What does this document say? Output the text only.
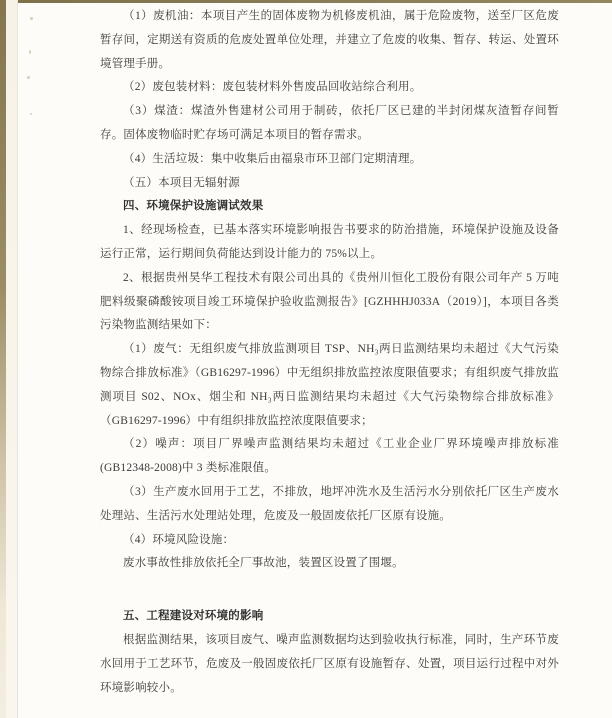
（1）废机油：本项目产生的固体废物为机修废机油，属于危险废物，送至厂区危废暂存间，定期送有资质的危废处置单位处理，并建立了危废的收集、暂存、转运、处置环境管理手册。

（2）废包装材料：废包装材料外售废品回收站综合利用。

（3）煤渣：煤渣外售建材公司用于制砖，依托厂区已建的半封闭煤灰渣暂存间暂存。固体废物临时贮存场可满足本项目的暂存需求。

（4）生活垃圾：集中收集后由福泉市环卫部门定期清理。

（五）本项目无辐射源

四、环境保护设施调试效果

1、经现场检查，已基本落实环境影响报告书要求的防治措施，环境保护设施及设备运行正常，运行期间负荷能达到设计能力的 75%以上。

2、根据贵州昊华工程技术有限公司出具的《贵州川恒化工股份有限公司年产 5 万吨肥料级聚磷酸铵项目竣工环境保护验收监测报告》[GZHHHJ033A（2019）]，本项目各类污染物监测结果如下：

（1）废气：无组织废气排放监测项目 TSP、NH₃两日监测结果均未超过《大气污染物综合排放标准》（GB16297-1996）中无组织排放监控浓度限值要求；有组织废气排放监测项目 S02、NOx、烟尘和 NH₃两日监测结果均未超过《大气污染物综合排放标准》（GB16297-1996）中有组织排放监控浓度限值要求；

（2）噪声：项目厂界噪声监测结果均未超过《工业企业厂界环境噪声排放标准(GB12348-2008)中 3 类标准限值。

（3）生产废水回用于工艺，不排放，地坪冲洗水及生活污水分别依托厂区生产废水处理站、生活污水处理站处理，危废及一般固废依托厂区原有设施。

（4）环境风险设施：

废水事故性排放依托全厂事故池，装置区设置了围堰。

五、工程建设对环境的影响

根据监测结果，该项目废气、噪声监测数据均达到验收执行标准，同时，生产环节废水回用于工艺环节，危废及一般固废依托厂区原有设施暂存、处置，项目运行过程中对外环境影响较小。
